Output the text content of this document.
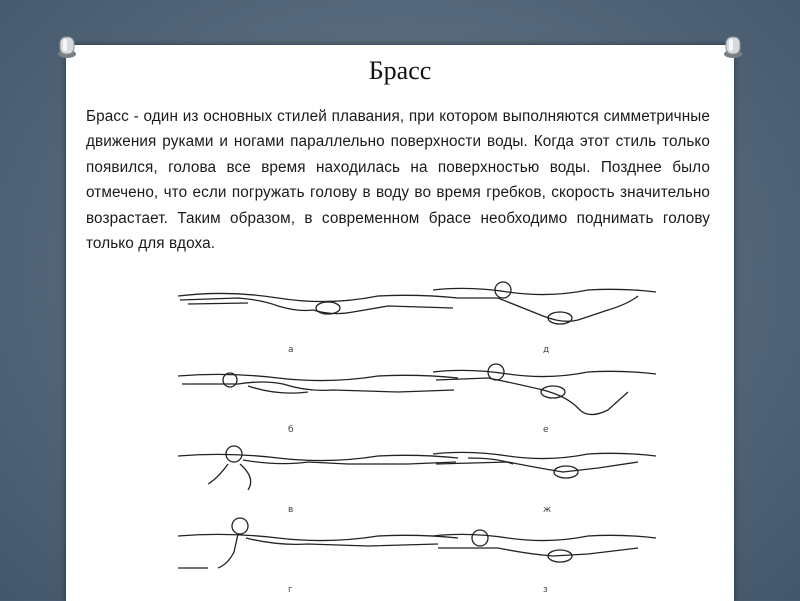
Брасс
Брасс - один из основных стилей плавания, при котором выполняются симметричные движения руками и ногами параллельно поверхности воды. Когда этот стиль только появился, голова все время находилась на поверхностью воды. Позднее было отмечено, что если погружать голову в воду во время гребков, скорость значительно возрастает. Таким образом, в современном брасе необходимо поднимать голову только для вдоха.
а
б
в
г
д
е
ж
з
